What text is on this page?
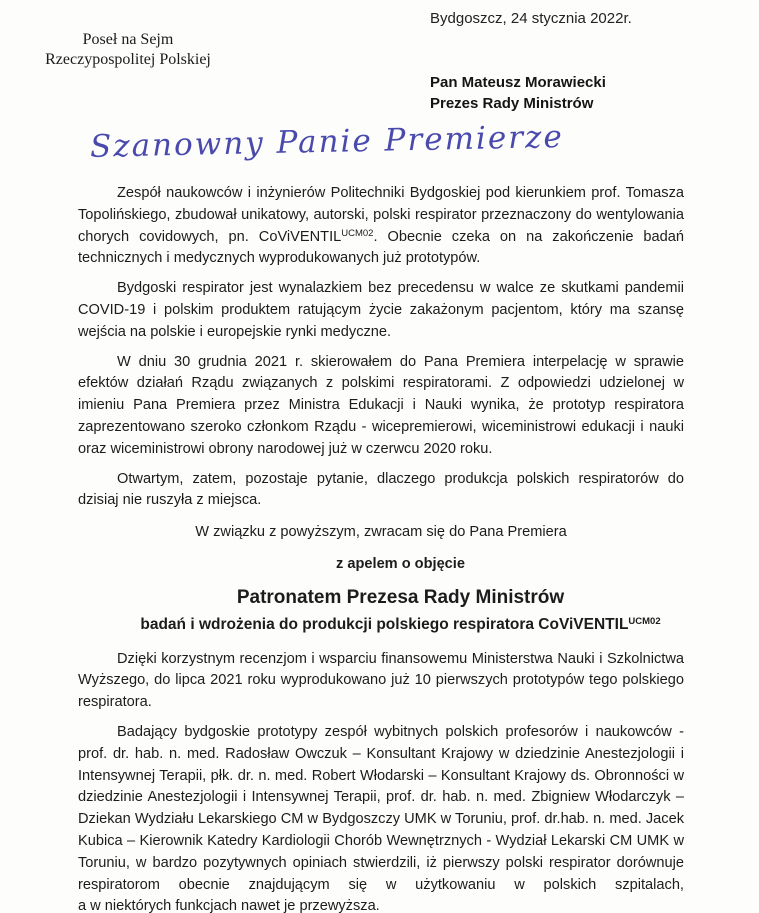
Bydgoszcz, 24 stycznia 2022r.
Poseł na Sejm
Rzeczypospolitej Polskiej
Pan Mateusz Morawiecki
Prezes Rady Ministrów
Szanowny Panie Premierze

Zespół naukowców i inżynierów Politechniki Bydgoskiej pod kierunkiem prof. Tomasza Topolińskiego, zbudował unikatowy, autorski, polski respirator przeznaczony do wentylowania chorych covidowych, pn. CoViVENTIL$^{UCM02}$. Obecnie czeka on na zakończenie badań technicznych i medycznych wyprodukowanych już prototypów.

Bydgoski respirator jest wynalazkiem bez precedensu w walce ze skutkami pandemii COVID-19 i polskim produktem ratującym życie zakażonym pacjentom, który ma szansę wejścia na polskie i europejskie rynki medyczne.

W dniu 30 grudnia 2021 r. skierowałem do Pana Premiera interpelację w sprawie efektów działań Rządu związanych z polskimi respiratorami. Z odpowiedzi udzielonej w imieniu Pana Premiera przez Ministra Edukacji i Nauki wynika, że prototyp respiratora zaprezentowano szeroko członkom Rządu - wicepremierowi, wiceministrowi edukacji i nauki oraz wiceministrowi obrony narodowej już w czerwcu 2020 roku.

Otwartym, zatem, pozostaje pytanie, dlaczego produkcja polskich respiratorów do dzisiaj nie ruszyła z miejsca.

W związku z powyższym, zwracam się do Pana Premiera

z apelem o objęcie

Patronatem Prezesa Rady Ministrów

badań i wdrożenia do produkcji polskiego respiratora CoViVENTIL$^{UCM02}$

Dzięki korzystnym recenzjom i wsparciu finansowemu Ministerstwa Nauki i Szkolnictwa Wyższego, do lipca 2021 roku wyprodukowano już 10 pierwszych prototypów tego polskiego respiratora.

Badający bydgoskie prototypy zespół wybitnych polskich profesorów i naukowców - prof. dr. hab. n. med. Radosław Owczuk – Konsultant Krajowy w dziedzinie Anestezjologii i Intensywnej Terapii, płk. dr. n. med. Robert Włodarski – Konsultant Krajowy ds. Obronności w dziedzinie Anestezjologii i Intensywnej Terapii, prof. dr. hab. n. med. Zbigniew Włodarczyk – Dziekan Wydziału Lekarskiego CM w Bydgoszczy UMK w Toruniu, prof. dr.hab. n. med. Jacek Kubica – Kierownik Katedry Kardiologii Chorób Wewnętrznych - Wydział Lekarski CM UMK w Toruniu, w bardzo pozytywnych opiniach stwierdzili, iż pierwszy polski respirator dorównuje respiratorom obecnie znajdującym się w użytkowaniu w polskich szpitalach,

a w niektórych funkcjach nawet je przewyższa.
